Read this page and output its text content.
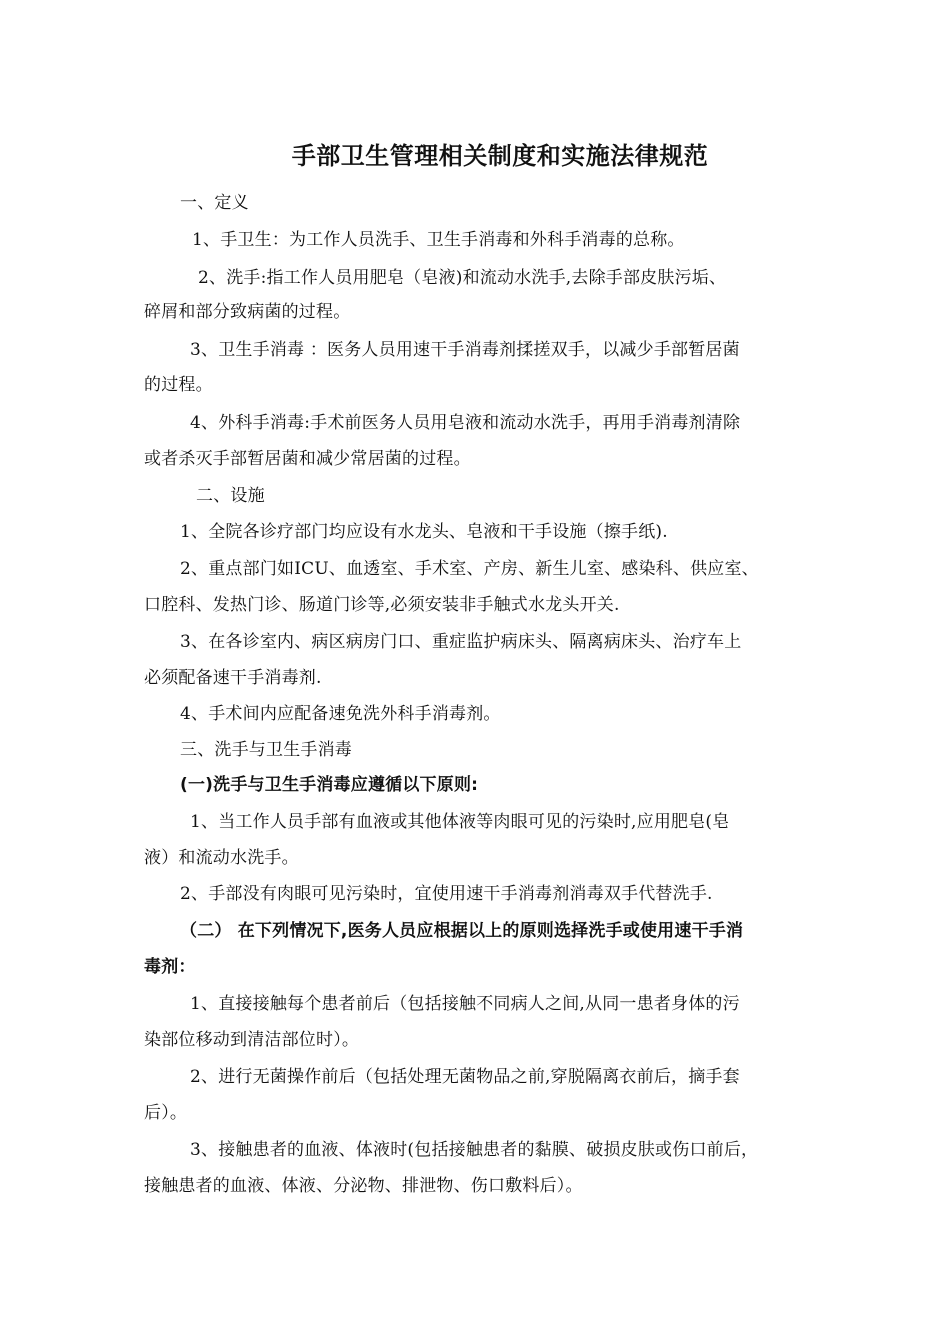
手部卫生管理相关制度和实施法律规范
一、定义
1、手卫生：为工作人员洗手、卫生手消毒和外科手消毒的总称。
2、洗手:指工作人员用肥皂（皂液)和流动水洗手,去除手部皮肤污垢、
碎屑和部分致病菌的过程。
3、卫生手消毒 ：医务人员用速干手消毒剂揉搓双手，以减少手部暂居菌
的过程。
4、外科手消毒:手术前医务人员用皂液和流动水洗手，再用手消毒剂清除
或者杀灭手部暂居菌和减少常居菌的过程。
二、设施
1、全院各诊疗部门均应设有水龙头、皂液和干手设施（擦手纸).
2、重点部门如ICU、血透室、手术室、产房、新生儿室、感染科、供应室、
口腔科、发热门诊、肠道门诊等,必须安装非手触式水龙头开关.
3、在各诊室内、病区病房门口、重症监护病床头、隔离病床头、治疗车上
必须配备速干手消毒剂.
4、手术间内应配备速免洗外科手消毒剂。
三、洗手与卫生手消毒
(一)洗手与卫生手消毒应遵循以下原则:
1、当工作人员手部有血液或其他体液等肉眼可见的污染时,应用肥皂(皂
液）和流动水洗手。
2、手部没有肉眼可见污染时，宜使用速干手消毒剂消毒双手代替洗手.
（二） 在下列情况下,医务人员应根据以上的原则选择洗手或使用速干手消
毒剂：
1、直接接触每个患者前后（包括接触不同病人之间,从同一患者身体的污
染部位移动到清洁部位时）。
2、进行无菌操作前后（包括处理无菌物品之前,穿脱隔离衣前后，摘手套
后）。
3、接触患者的血液、体液时(包括接触患者的黏膜、破损皮肤或伤口前后，
接触患者的血液、体液、分泌物、排泄物、伤口敷料后）。
